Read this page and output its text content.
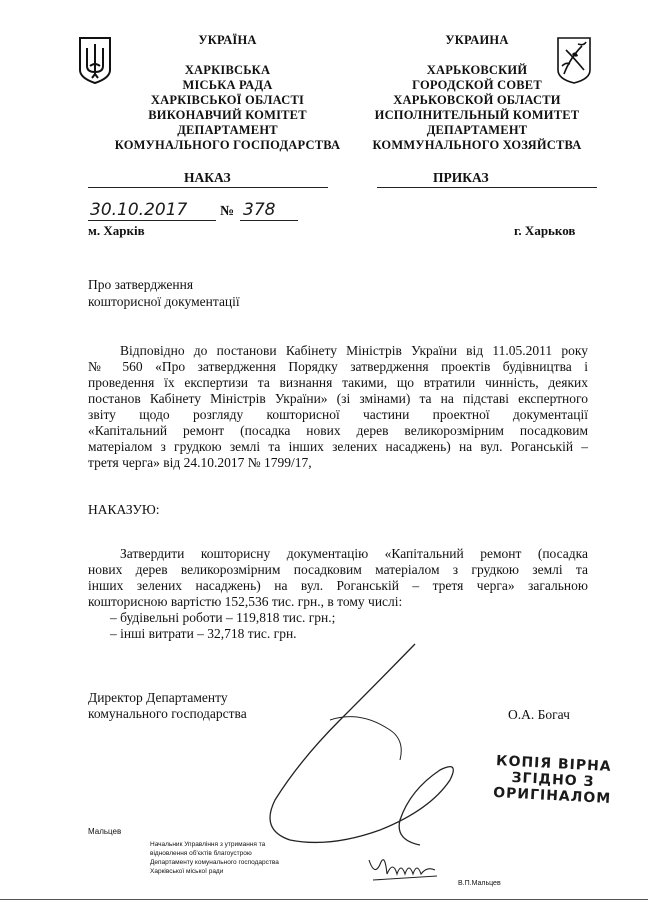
УКРАЇНА
ХАРКІВСЬКА
МІСЬКА РАДА
ХАРКІВСЬКОЇ ОБЛАСТІ
ВИКОНАВЧИЙ КОМІТЕТ
ДЕПАРТАМЕНТ
КОМУНАЛЬНОГО ГОСПОДАРСТВА
УКРАИНА
ХАРЬКОВСКИЙ
ГОРОДСКОЙ СОВЕТ
ХАРЬКОВСКОЙ ОБЛАСТИ
ИСПОЛНИТЕЛЬНЫЙ КОМИТЕТ
ДЕПАРТАМЕНТ
КОММУНАЛЬНОГО ХОЗЯЙСТВА
НАКАЗ	ПРИКАЗ
30.10.2017 № 378
м. Харків	г. Харьков
Про затвердження
кошторисної документації
Відповідно до постанови Кабінету Міністрів України від 11.05.2011 року
№ 560 «Про затвердження Порядку затвердження проектів будівництва і
проведення їх експертизи та визнання такими, що втратили чинність, деяких
постанов Кабінету Міністрів України» (зі змінами) та на підставі експертного
звіту щодо розгляду кошторисної частини проектної документації
«Капітальний ремонт (посадка нових дерев великорозмірним посадковим
матеріалом з грудкою землі та інших зелених насаджень) на вул. Роганській –
третя черга» від 24.10.2017 № 1799/17,
НАКАЗУЮ:
Затвердити кошторисну документацію «Капітальний ремонт (посадка
нових дерев великорозмірним посадковим матеріалом з грудкою землі та
інших зелених насаджень) на вул. Роганській – третя черга» загальною
кошторисною вартістю 152,536 тис. грн., в тому числі:
– будівельні роботи – 119,818 тис. грн.;
– інші витрати – 32,718 тис. грн.
Директор Департаменту
комунального господарства	О.А. Богач
КОПІЯ ВІРНА
ЗГІДНО З
ОРИГІНАЛОМ
Мальцев
Начальник Управління з утримання та
відновлення об'єктів благоустрою
Департаменту комунального господарства
Харківської міської ради
В.П.Мальцев
